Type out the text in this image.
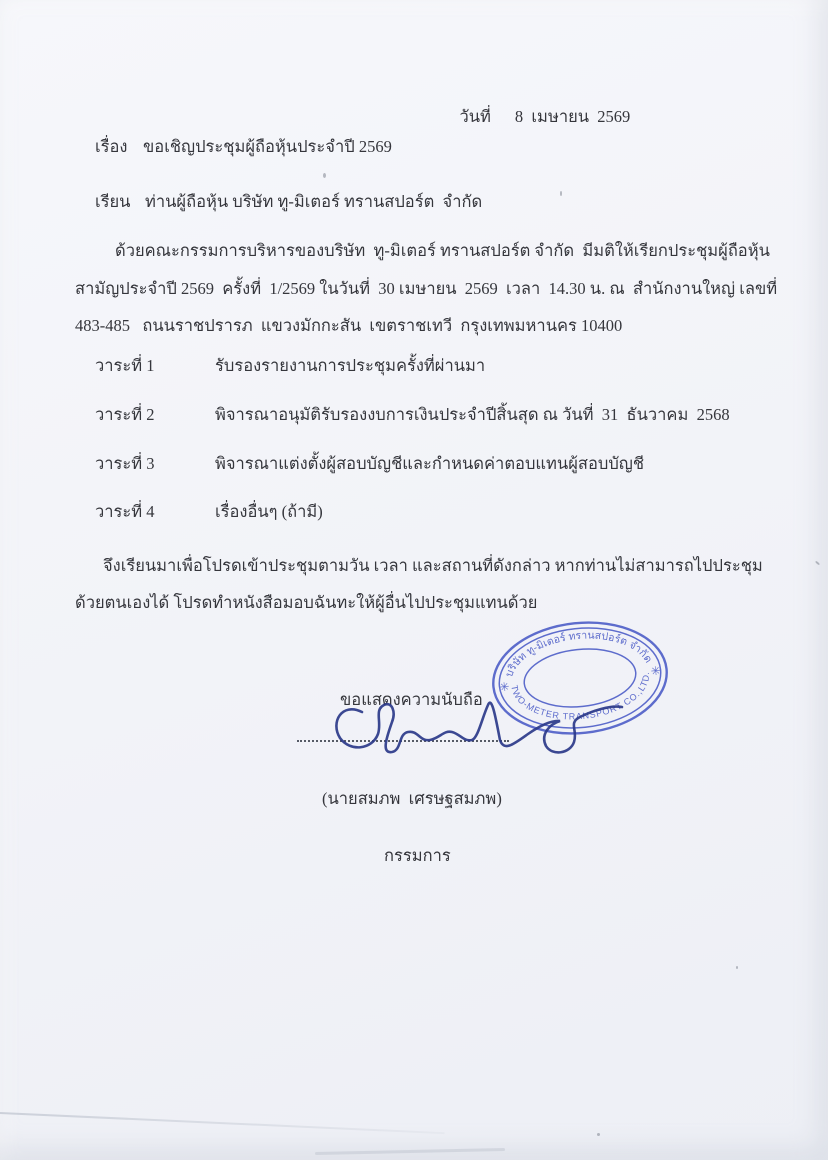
วันที่ 8  เมษายน  2569

เรื่อง ขอเชิญประชุมผู้ถือหุ้นประจำปี 2569
เรียน ท่านผู้ถือหุ้น บริษัท ทู-มิเตอร์ ทรานสปอร์ต  จำกัด
ด้วยคณะกรรมการบริหารของบริษัท  ทู-มิเตอร์ ทรานสปอร์ต จำกัด  มีมติให้เรียกประชุมผู้ถือหุ้น
สามัญประจำปี 2569  ครั้งที่  1/2569 ในวันที่  30 เมษายน  2569  เวลา  14.30 น. ณ  สำนักงานใหญ่ เลขที่
483-485   ถนนราชปรารภ  แขวงมักกะสัน  เขตราชเทวี  กรุงเทพมหานคร 10400
วาระที่ 1	รับรองรายงานการประชุมครั้งที่ผ่านมา
วาระที่ 2	พิจารณาอนุมัติรับรองงบการเงินประจำปีสิ้นสุด ณ วันที่  31  ธันวาคม  2568
วาระที่ 3	พิจารณาแต่งตั้งผู้สอบบัญชีและกำหนดค่าตอบแทนผู้สอบบัญชี
วาระที่ 4	เรื่องอื่นๆ (ถ้ามี)
จึงเรียนมาเพื่อโปรดเข้าประชุมตามวัน เวลา และสถานที่ดังกล่าว หากท่านไม่สามารถไปประชุม
ด้วยตนเองได้ โปรดทำหนังสือมอบฉันทะให้ผู้อื่นไปประชุมแทนด้วย
บริษัท ทู-มิเตอร์ ทรานสปอร์ต จำกัด
TWO-METER TRANSPORT CO.,LTD.
✳
✳
ขอแสดงความนับถือ
(นายสมภพ  เศรษฐสมภพ)
กรรมการ
